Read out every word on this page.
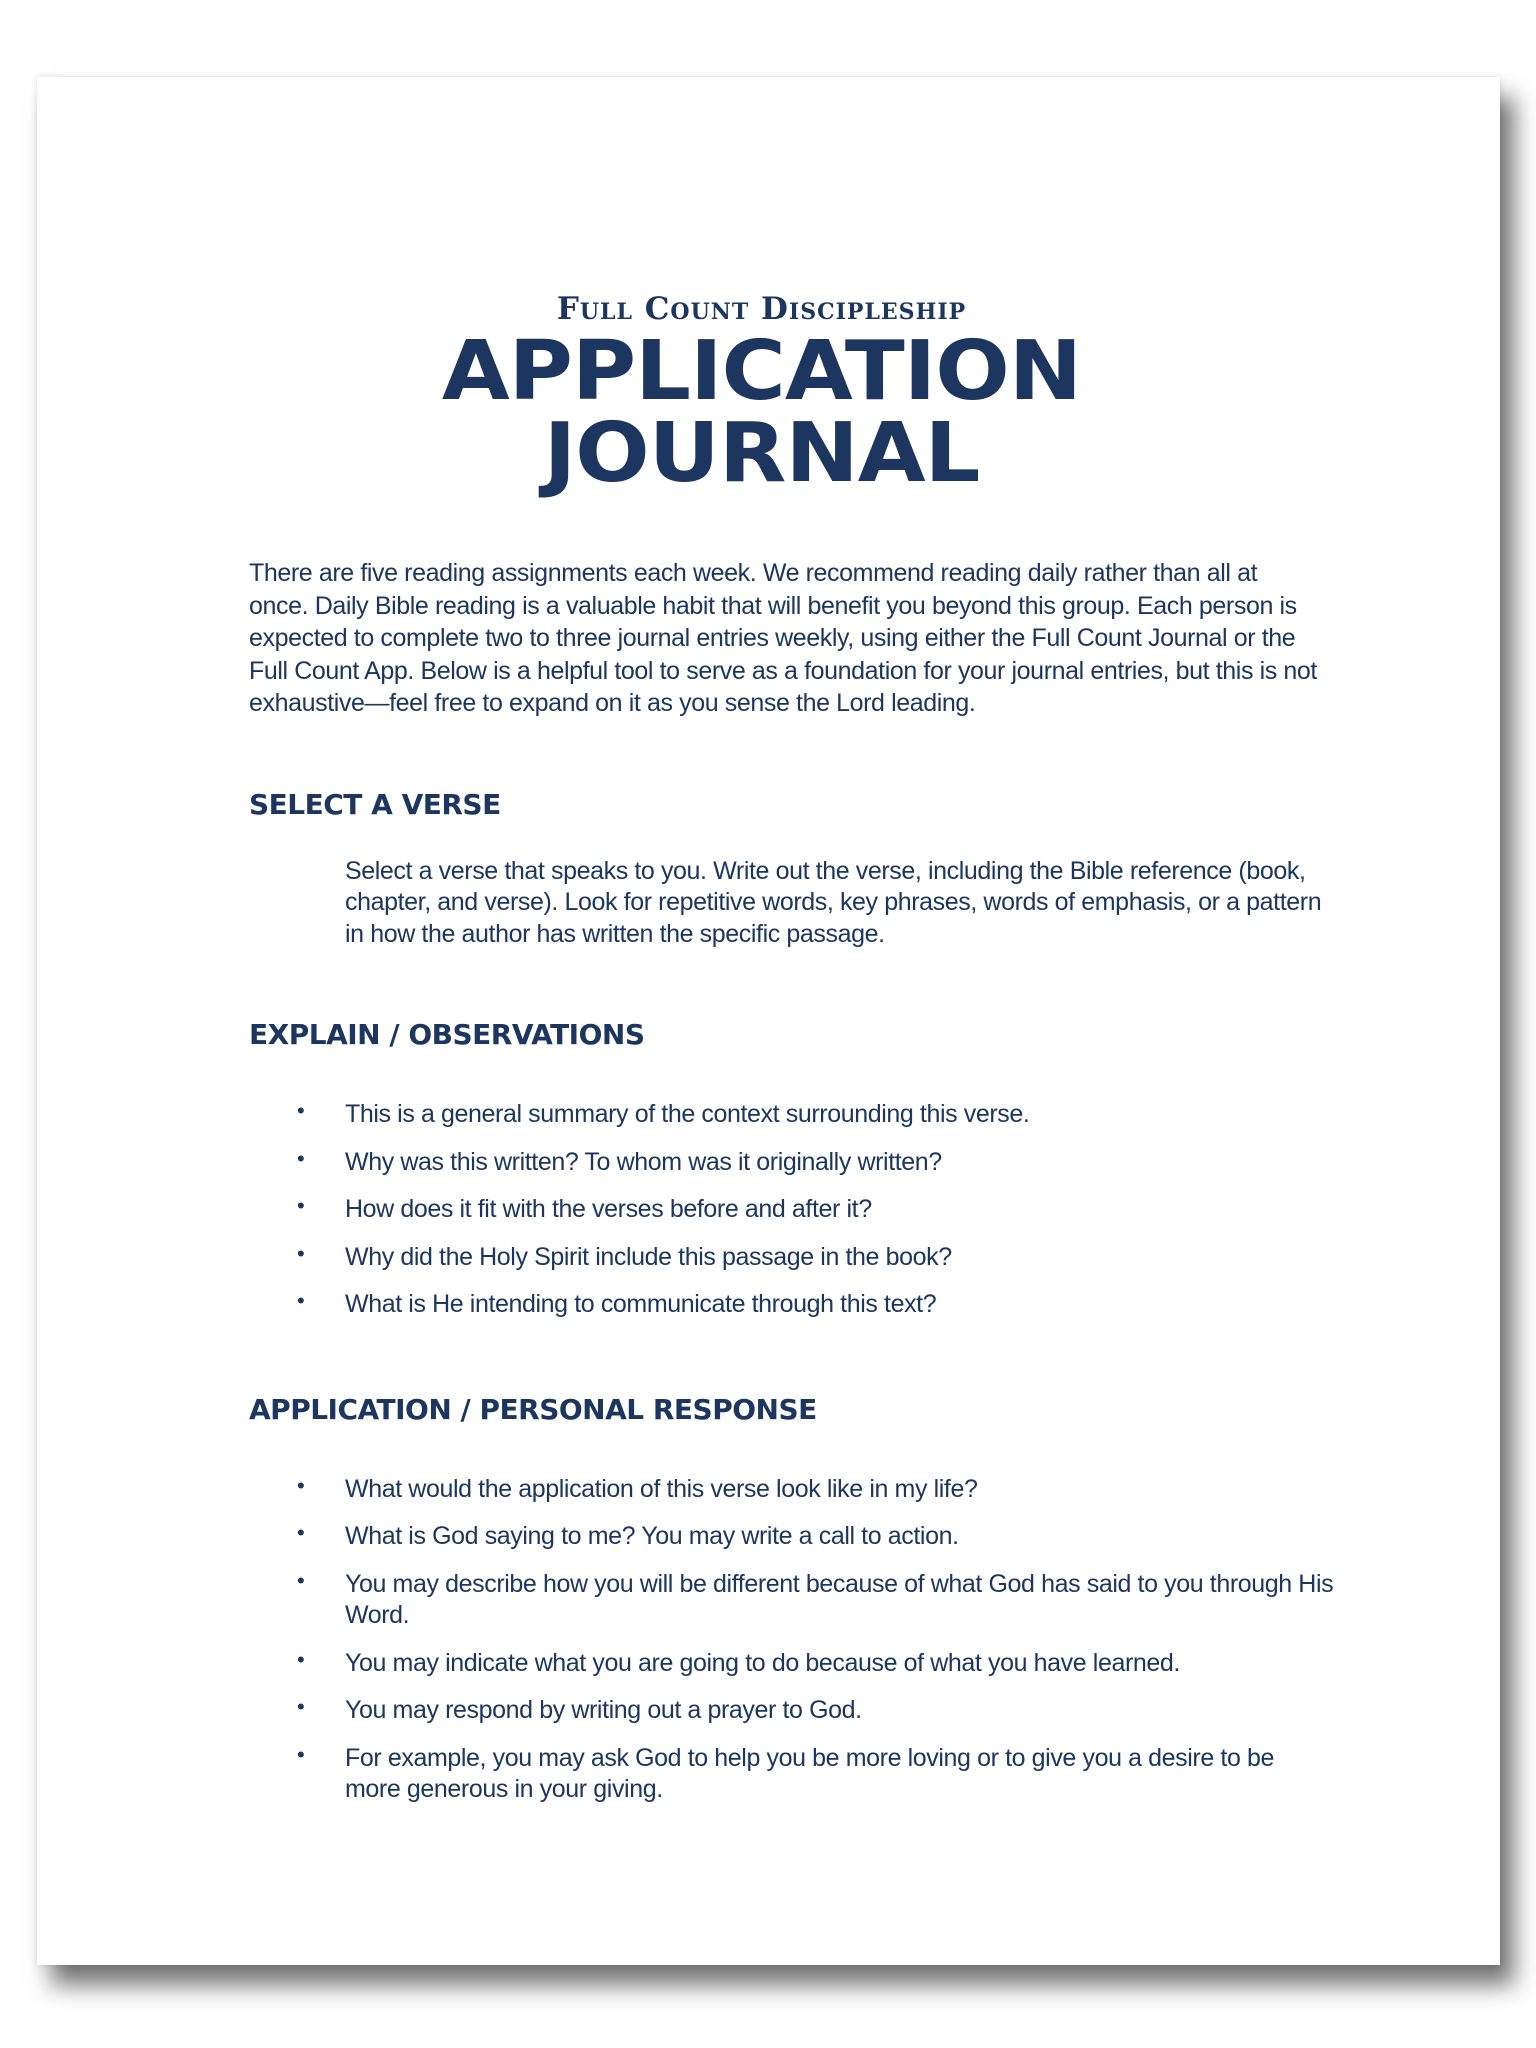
Full Count Discipleship
APPLICATION JOURNAL

There are five reading assignments each week. We recommend reading daily rather than all at once. Daily Bible reading is a valuable habit that will benefit you beyond this group. Each person is expected to complete two to three journal entries weekly, using either the Full Count Journal or the Full Count App. Below is a helpful tool to serve as a foundation for your journal entries, but this is not exhaustive—feel free to expand on it as you sense the Lord leading.

SELECT A VERSE

Select a verse that speaks to you. Write out the verse, including the Bible reference (book, chapter, and verse). Look for repetitive words, key phrases, words of emphasis, or a pattern in how the author has written the specific passage.

EXPLAIN / OBSERVATIONS
• This is a general summary of the context surrounding this verse.
• Why was this written? To whom was it originally written?
• How does it fit with the verses before and after it?
• Why did the Holy Spirit include this passage in the book?
• What is He intending to communicate through this text?
APPLICATION / PERSONAL RESPONSE
• What would the application of this verse look like in my life?
• What is God saying to me? You may write a call to action.
• You may describe how you will be different because of what God has said to you through His Word.
• You may indicate what you are going to do because of what you have learned.
• You may respond by writing out a prayer to God.
• For example, you may ask God to help you be more loving or to give you a desire to be more generous in your giving.
